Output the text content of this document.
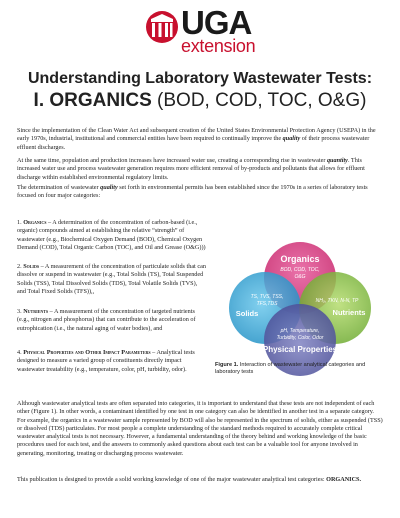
UGA
extension
Understanding Laboratory Wastewater Tests:
I. ORGANICS (BOD, COD, TOC, O&G)

Since the implementation of the Clean Water Act and subsequent creation of the United States Environmental Protection Agency (USEPA) in the early 1970s, industrial, institutional and commercial entities have been required to continually improve the quality of their process wastewater effluent discharges.

At the same time, population and production increases have increased water use, creating a corresponding rise in wastewater quantity. This increased water use and process wastewater generation requires more efficient removal of by-products and pollutants that allows for effluent discharge within established environmental regulatory limits.

The determination of wastewater quality set forth in environmental permits has been established since the 1970s in a series of laboratory tests focused on four major categories:

1. Organics – A determination of the concentration of carbon-based (i.e., organic) compounds aimed at establishing the relative “strength” of wastewater (e.g., Biochemical Oxygen Demand (BOD), Chemical Oxygen Demand (COD), Total Organic Carbon (TOC), and Oil and Grease (O&G)))

2. Solids – A measurement of the concentration of particulate solids that can dissolve or suspend in wastewater (e.g., Total Solids (TS), Total Suspended Solids (TSS), Total Dissolved Solids (TDS), Total Volatile Solids (TVS), and Total Fixed Solids (TFS)),,

3. Nutrients – A measurement of the concentration of targeted nutrients (e.g., nitrogen and phosphorus) that can contribute to the acceleration of eutrophication (i.e., the natural aging of water bodies), and

4. Physical Properties and Other Impact Parameters – Analytical tests designed to measure a varied group of constituents directly impact wastewater treatability (e.g., temperature, color, pH, turbidity, odor).

Organics
BOD, COD, TOC,
O&G
TS, TVS, TSS,
TFS,TDS
Solids
NH₃, TKN, N-N, TP
Nutrients
pH, Temperature,
Turbidity, Color, Odor
Physical Properties
Figure 1. Interaction of wastewater analytical categories and laboratory tests

Although wastewater analytical tests are often separated into categories, it is important to understand that these tests are not independent of each other (Figure 1). In other words, a contaminant identified by one test in one category can also be identified in another test in a separate category. For example, the organics in a wastewater sample represented by BOD will also be represented in the spectrum of solids, either as suspended (TSS) or dissolved (TDS) particulates. For most people a complete understanding of the standard methods required to accurately complete critical wastewater analytical tests is not necessary. However, a fundamental understanding of the theory behind and working knowledge of the basic procedures used for each test, and the answers to commonly asked questions about each test can be a valuable tool for anyone involved in generating, monitoring, treating or discharging process wastewater.

This publication is designed to provide a solid working knowledge of one of the major wastewater analytical test categories: ORGANICS.
